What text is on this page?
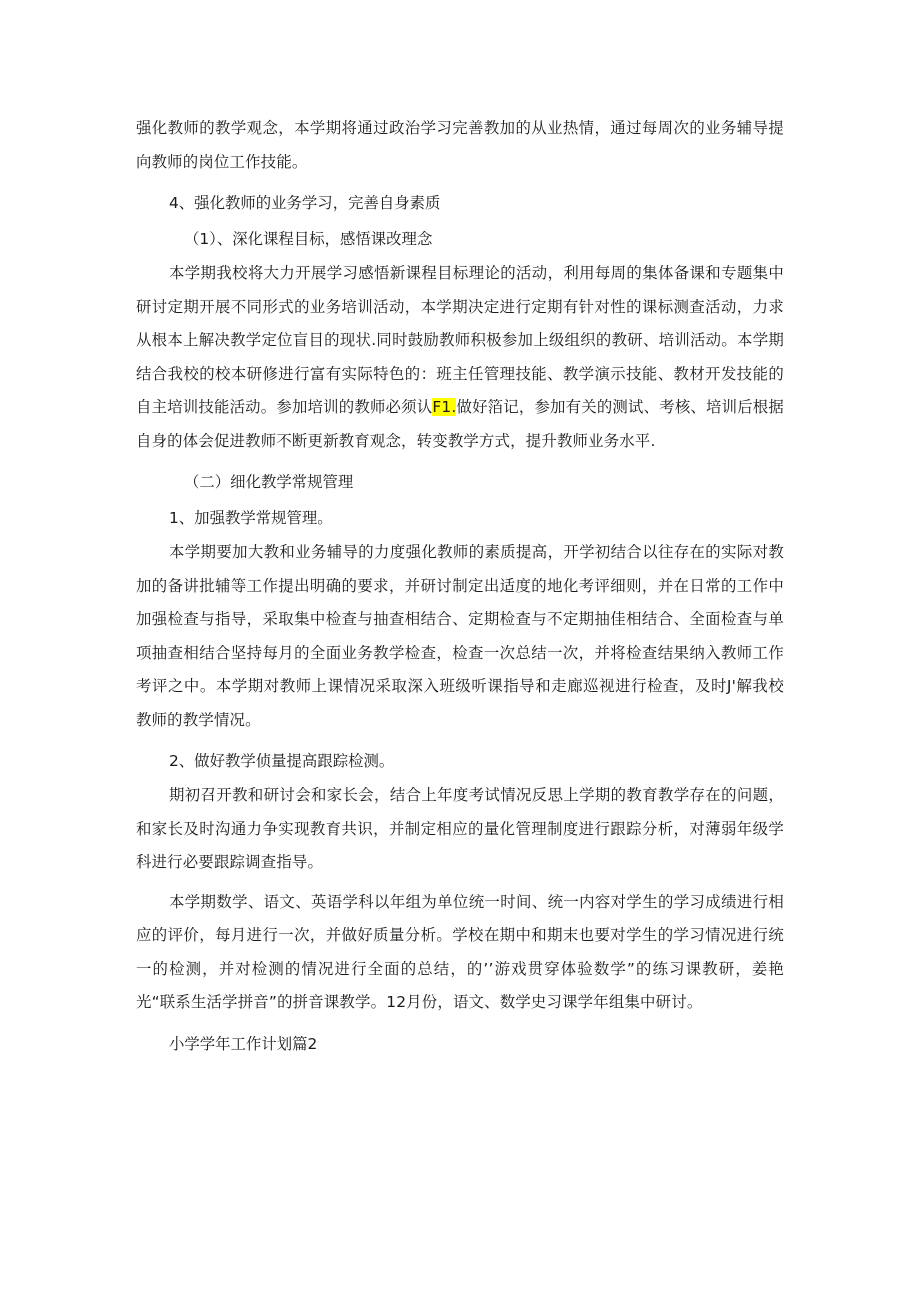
强化教师的教学观念，本学期将通过政治学习完善教加的从业热情，通过每周次的业务辅导提向教师的岗位工作技能。

4、强化教师的业务学习，完善自身素质

（1）、深化课程目标，感悟课改理念

本学期我校将大力开展学习感悟新课程目标理论的活动，利用每周的集体备课和专题集中研讨定期开展不同形式的业务培训活动，本学期决定进行定期有针对性的课标测查活动，力求从根本上解决教学定位盲目的现状.同时鼓励教师积极参加上级组织的教研、培训活动。本学期结合我校的校本研修进行富有实际特色的：班主任管理技能、教学演示技能、教材开发技能的自主培训技能活动。参加培训的教师必须认F1.做好箔记，参加有关的测试、考核、培训后根据自身的体会促进教师不断更新教育观念，转变教学方式，提升教师业务水平.

（二）细化教学常规管理

1、加强教学常规管理。

本学期要加大教和业务辅导的力度强化教师的素质提高，开学初结合以往存在的实际对教加的备讲批辅等工作提出明确的要求，并研讨制定出适度的地化考评细则，并在日常的工作中加强检查与指导，采取集中检查与抽查相结合、定期检查与不定期抽佳相结合、全面检查与单项抽查相结合坚持每月的全面业务教学检查，检查一次总结一次，并将检查结果纳入教师工作考评之中。本学期对教师上课情况采取深入班级听课指导和走廊巡视进行检查，及时J'解我校教师的教学情况。

2、做好教学侦量提高跟踪检测。

期初召开教和研讨会和家长会，结合上年度考试情况反思上学期的教育教学存在的问题，和家长及时沟通力争实现教育共识，并制定相应的量化管理制度进行跟踪分析，对薄弱年级学科进行必要跟踪调查指导。

本学期数学、语文、英语学科以年组为单位统一时间、统一内容对学生的学习成绩进行相应的评价，每月进行一次，并做好质量分析。学校在期中和期末也要对学生的学习情况进行统一的检测，并对检测的情况进行全面的总结，的’’游戏贯穿体验数学”的练习课教研，姜艳光“联系生活学拼音”的拼音课教学。12月份，语文、数学史习课学年组集中研讨。

小学学年工作计划篇2
